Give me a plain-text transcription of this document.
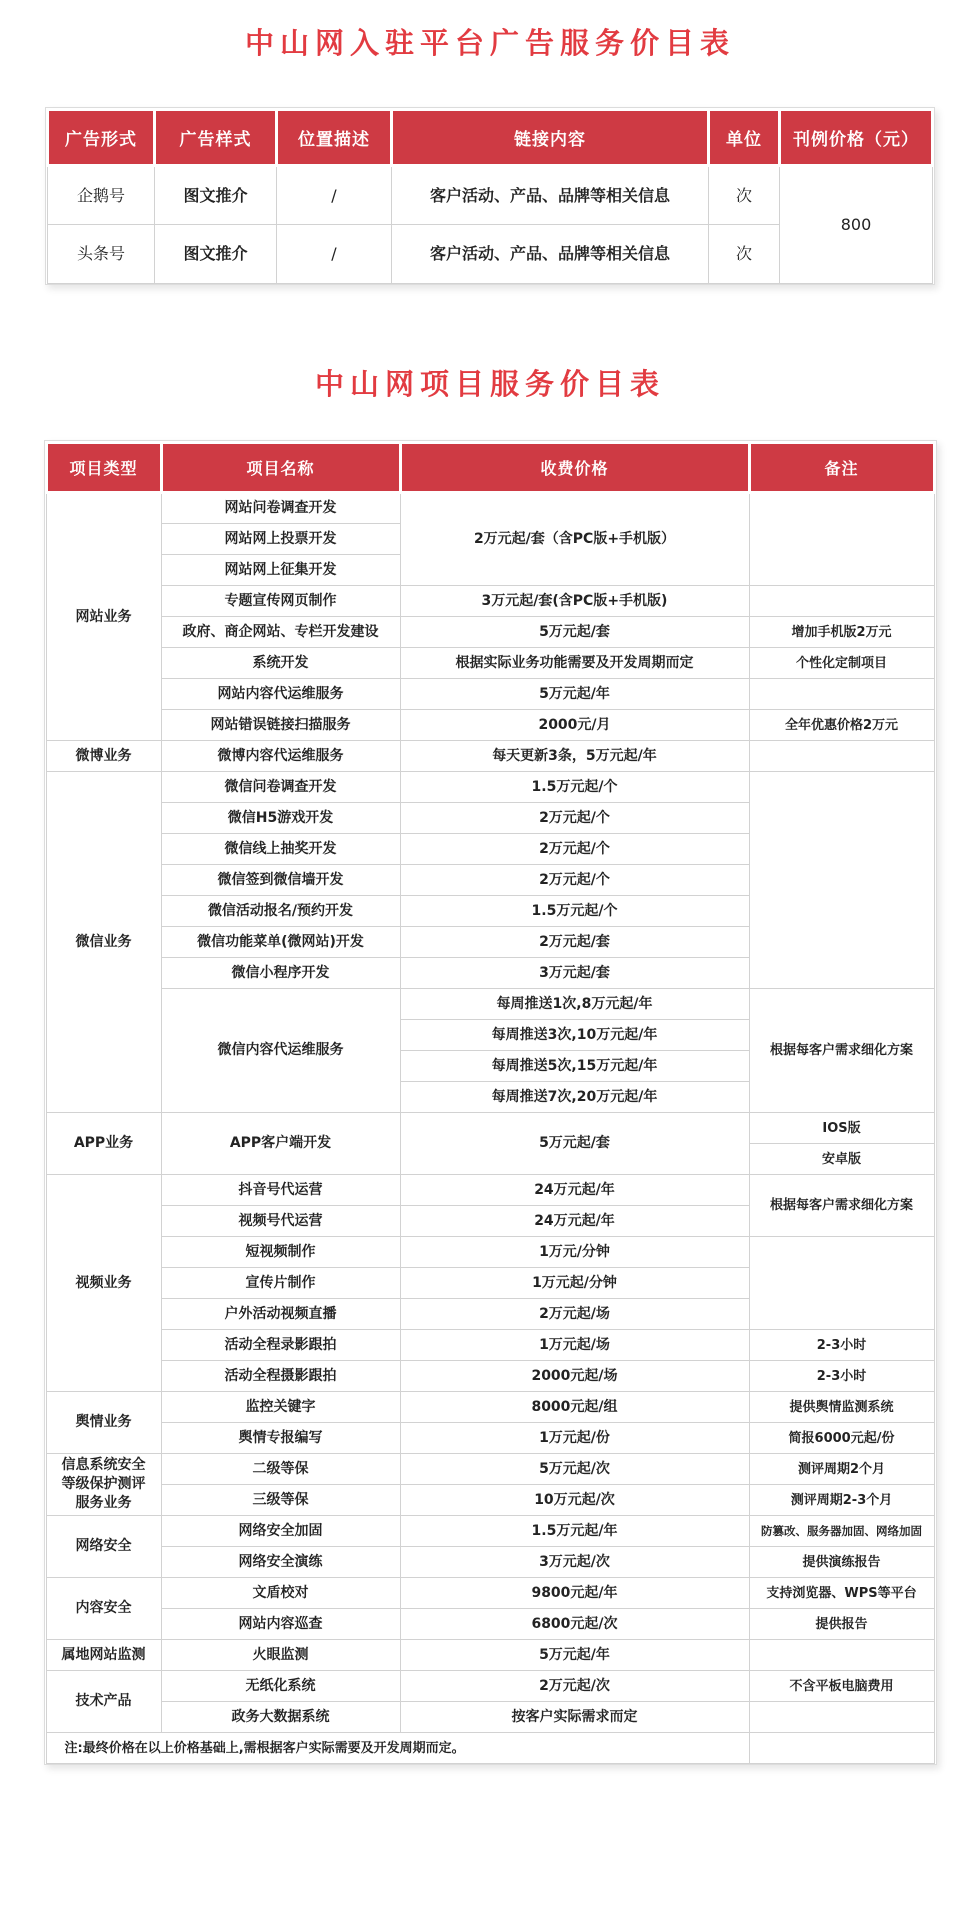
中山网入驻平台广告服务价目表
广告形式	广告样式	位置描述	链接内容	单位	刊例价格（元）
企鹅号	图文推介	/	客户活动、产品、品牌等相关信息	次	800
头条号	图文推介	/	客户活动、产品、品牌等相关信息	次	
中山网项目服务价目表
项目类型	项目名称	收费价格	备注
网站业务	网站问卷调查开发	2万元起/套（含PC版+手机版）	
	网站网上投票开发		
	网站网上征集开发		
	专题宣传网页制作	3万元起/套(含PC版+手机版)	
	政府、商企网站、专栏开发建设	5万元起/套	增加手机版2万元
	系统开发	根据实际业务功能需要及开发周期而定	个性化定制项目
	网站内容代运维服务	5万元起/年	
	网站错误链接扫描服务	2000元/月	全年优惠价格2万元
微博业务	微博内容代运维服务	每天更新3条，5万元起/年	
微信业务	微信问卷调查开发	1.5万元起/个	
	微信H5游戏开发	2万元起/个	
	微信线上抽奖开发	2万元起/个	
	微信签到微信墙开发	2万元起/个	
	微信活动报名/预约开发	1.5万元起/个	
	微信功能菜单(微网站)开发	2万元起/套	
	微信小程序开发	3万元起/套	
	微信内容代运维服务	每周推送1次,8万元起/年	根据每客户需求细化方案
		每周推送3次,10万元起/年	
		每周推送5次,15万元起/年	
		每周推送7次,20万元起/年	
APP业务	APP客户端开发	5万元起/套	IOS版
			安卓版
视频业务	抖音号代运营	24万元起/年	根据每客户需求细化方案
	视频号代运营	24万元起/年	
	短视频制作	1万元/分钟	
	宣传片制作	1万元起/分钟	
	户外活动视频直播	2万元起/场	
	活动全程录影跟拍	1万元起/场	2-3小时
	活动全程摄影跟拍	2000元起/场	2-3小时
舆情业务	监控关键字	8000元起/组	提供舆情监测系统
	舆情专报编写	1万元起/份	简报6000元起/份
信息系统安全等级保护测评服务业务	二级等保	5万元起/次	测评周期2个月
	三级等保	10万元起/次	测评周期2-3个月
网络安全	网络安全加固	1.5万元起/年	防篡改、服务器加固、网络加固
	网络安全演练	3万元起/次	提供演练报告
内容安全	文盾校对	9800元起/年	支持浏览器、WPS等平台
	网站内容巡查	6800元起/次	提供报告
属地网站监测	火眼监测	5万元起/年	
技术产品	无纸化系统	2万元起/次	不含平板电脑费用
	政务大数据系统	按客户实际需求而定	
注:最终价格在以上价格基础上,需根据客户实际需要及开发周期而定。			
